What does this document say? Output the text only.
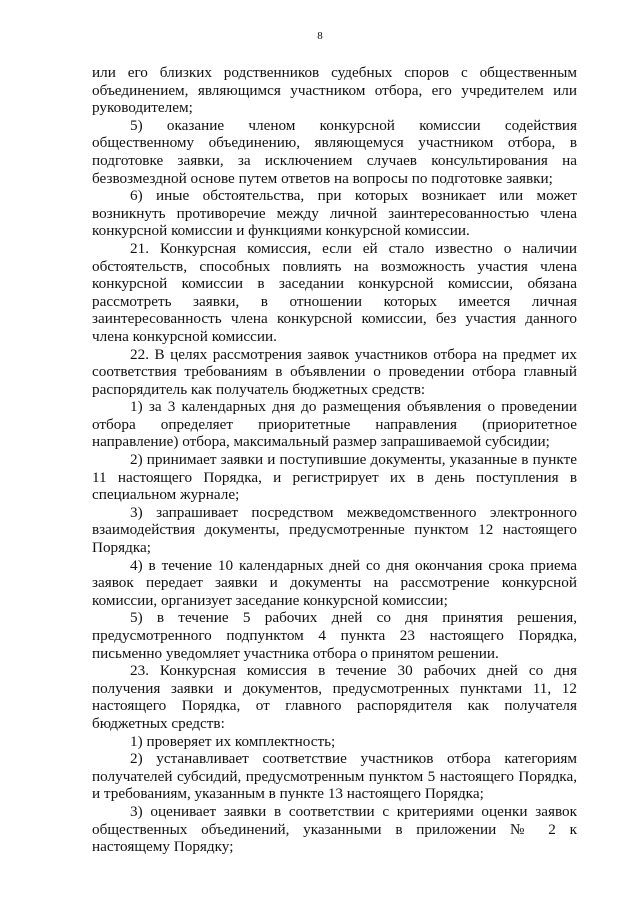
8

или его близких родственников судебных споров с общественным объединением, являющимся участником отбора, его учредителем или руководителем;

5) оказание членом конкурсной комиссии содействия общественному объединению, являющемуся участником отбора, в подготовке заявки, за исключением случаев консультирования на безвозмездной основе путем ответов на вопросы по подготовке заявки;

6) иные обстоятельства, при которых возникает или может возникнуть противоречие между личной заинтересованностью члена конкурсной комиссии и функциями конкурсной комиссии.

21. Конкурсная комиссия, если ей стало известно о наличии обстоятельств, способных повлиять на возможность участия члена конкурсной комиссии в заседании конкурсной комиссии, обязана рассмотреть заявки, в отношении которых имеется личная заинтересованность члена конкурсной комиссии, без участия данного члена конкурсной комиссии.

22. В целях рассмотрения заявок участников отбора на предмет их соответствия требованиям в объявлении о проведении отбора главный распорядитель как получатель бюджетных средств:

1) за 3 календарных дня до размещения объявления о проведении отбора определяет приоритетные направления (приоритетное направление) отбора, максимальный размер запрашиваемой субсидии;

2) принимает заявки и поступившие документы, указанные в пункте 11 настоящего Порядка, и регистрирует их в день поступления в специальном журнале;

3) запрашивает посредством межведомственного электронного взаимодействия документы, предусмотренные пунктом 12 настоящего Порядка;

4) в течение 10 календарных дней со дня окончания срока приема заявок передает заявки и документы на рассмотрение конкурсной комиссии, организует заседание конкурсной комиссии;

5) в течение 5 рабочих дней со дня принятия решения, предусмотренного подпунктом 4 пункта 23 настоящего Порядка, письменно уведомляет участника отбора о принятом решении.

23. Конкурсная комиссия в течение 30 рабочих дней со дня получения заявки и документов, предусмотренных пунктами 11, 12 настоящего Порядка, от главного распорядителя как получателя бюджетных средств:

1) проверяет их комплектность;

2) устанавливает соответствие участников отбора категориям получателей субсидий, предусмотренным пунктом 5 настоящего Порядка, и требованиям, указанным в пункте 13 настоящего Порядка;

3) оценивает заявки в соответствии с критериями оценки заявок общественных объединений, указанными в приложении № 2 к настоящему Порядку;
